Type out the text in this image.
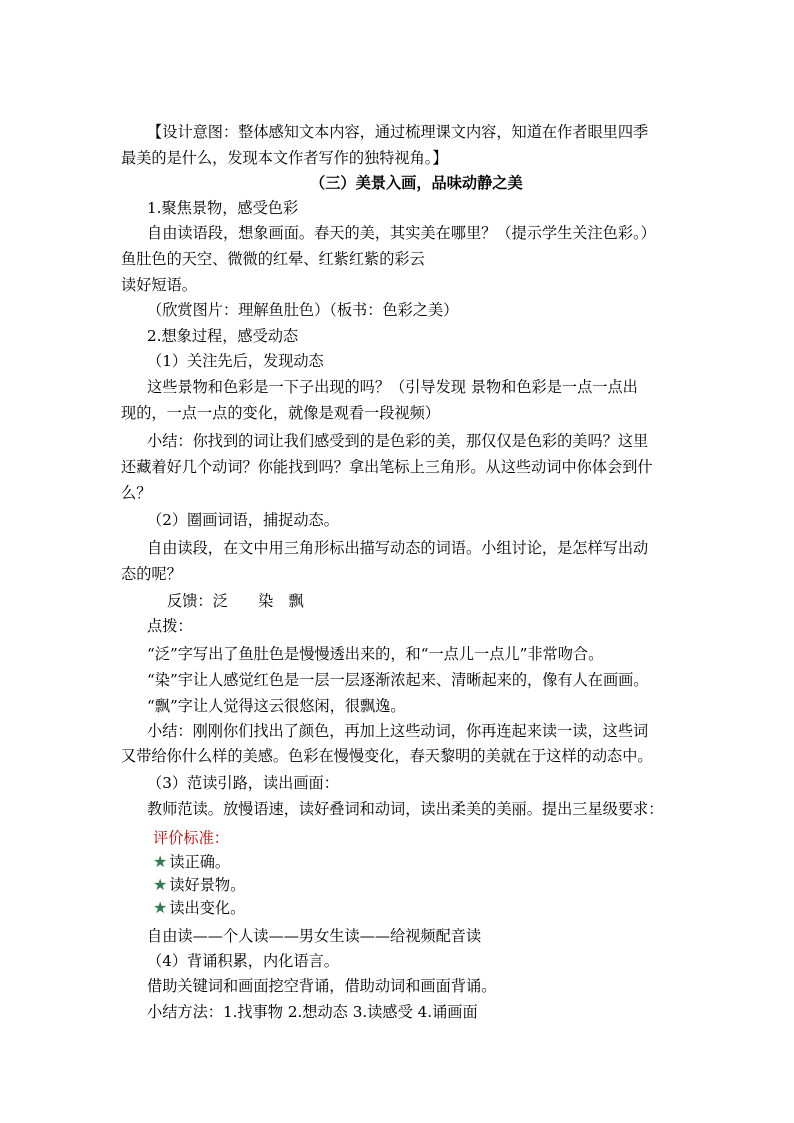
【设计意图：整体感知文本内容，通过梳理课文内容，知道在作者眼里四季
最美的是什么，发现本文作者写作的独特视角。】
（三）美景入画，品味动静之美
1.聚焦景物，感受色彩
自由读语段，想象画面。春天的美，其实美在哪里？（提示学生关注色彩。）
鱼肚色的天空、微微的红晕、红紫红紫的彩云
读好短语。
（欣赏图片：理解鱼肚色）（板书：色彩之美）
2.想象过程，感受动态
（1）关注先后，发现动态
这些景物和色彩是一下子出现的吗？（引导发现 景物和色彩是一点一点出
现的，一点一点的变化，就像是观看一段视频）
小结：你找到的词让我们感受到的是色彩的美，那仅仅是色彩的美吗？这里
还藏着好几个动词？你能找到吗？拿出笔标上三角形。从这些动词中你体会到什
么？
（2）圈画词语，捕捉动态。
自由读段，在文中用三角形标出描写动态的词语。小组讨论，是怎样写出动
态的呢？
反馈：泛　　染　飘
点拨：
“泛”字写出了鱼肚色是慢慢透出来的，和“一点儿一点儿”非常吻合。
“染”宇让人感觉红色是一层一层逐渐浓起来、清晰起来的，像有人在画画。
“飘”字让人觉得这云很悠闲，很飘逸。
小结：刚刚你们找出了颜色，再加上这些动词，你再连起来读一读，这些词
又带给你什么样的美感。色彩在慢慢变化，春天黎明的美就在于这样的动态中。
（3）范读引路，读出画面：
教师范读。放慢语速，读好叠词和动词，读出柔美的美丽。提出三星级要求：
评价标准：
★ 读正确。
★ 读好景物。
★ 读出变化。
自由读——个人读——男女生读——给视频配音读
（4）背诵积累，内化语言。
借助关键词和画面挖空背诵，借助动词和画面背诵。
小结方法：1.找事物 2.想动态 3.读感受 4.诵画面
